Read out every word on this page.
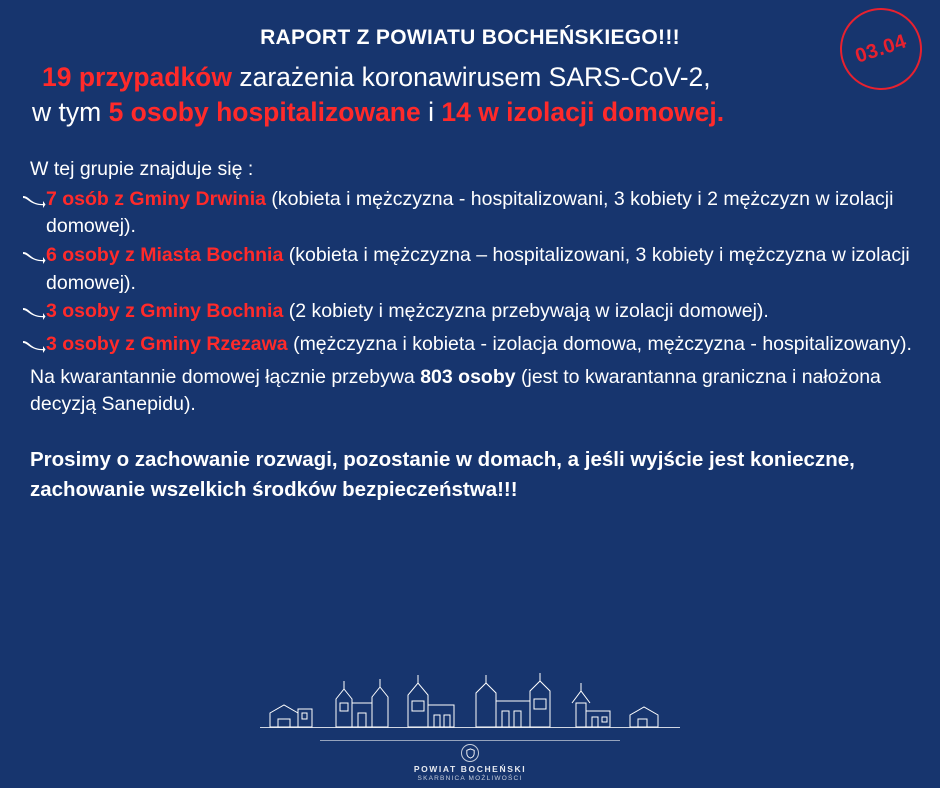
03.04
RAPORT Z POWIATU BOCHEŃSKIEGO!!!
19 przypadków zarażenia koronawirusem SARS-CoV-2,
w tym 5 osoby hospitalizowane i 14 w izolacji domowej.
W tej grupie znajduje się :
7 osób z Gminy Drwinia (kobieta i mężczyzna - hospitalizowani, 3 kobiety i 2 mężczyzn w izolacji domowej).
6 osoby z Miasta Bochnia (kobieta i mężczyzna – hospitalizowani, 3 kobiety i mężczyzna w izolacji domowej).
3 osoby z Gminy Bochnia (2 kobiety i mężczyzna przebywają w izolacji domowej).
3 osoby z Gminy Rzezawa (mężczyzna i kobieta - izolacja domowa, mężczyzna - hospitalizowany).
Na kwarantannie domowej łącznie przebywa 803 osoby (jest to kwarantanna graniczna i nałożona decyzją Sanepidu).
Prosimy o zachowanie rozwagi, pozostanie w domach, a jeśli wyjście jest konieczne, zachowanie wszelkich środków bezpieczeństwa!!!
POWIAT BOCHEŃSKI
SKARBNICA MOŻLIWOŚCI
